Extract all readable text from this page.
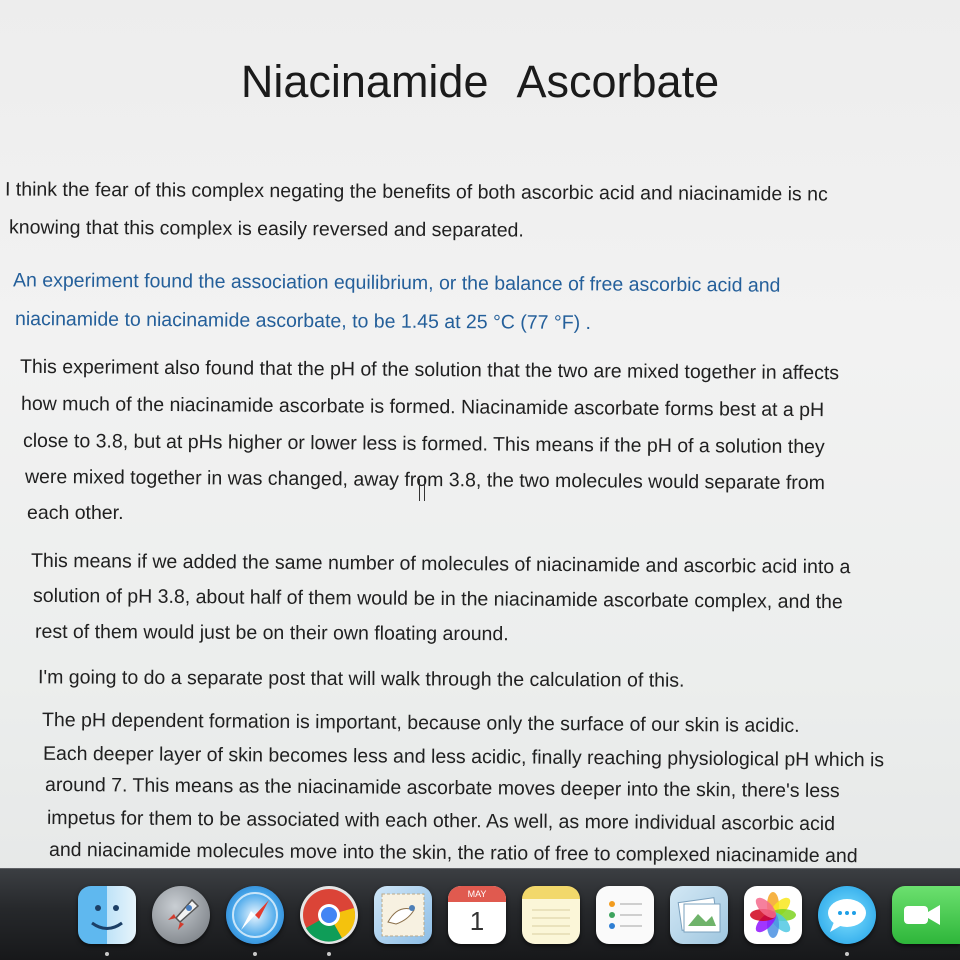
Niacinamide Ascorbate
I think the fear of this complex negating the benefits of both ascorbic acid and niacinamide is nc
knowing that this complex is easily reversed and separated.
An experiment found the association equilibrium, or the balance of free ascorbic acid and
niacinamide to niacinamide ascorbate, to be 1.45 at 25 °C (77 °F) .
This experiment also found that the pH of the solution that the two are mixed together in affects
how much of the niacinamide ascorbate is formed. Niacinamide ascorbate forms best at a pH
close to 3.8, but at pHs higher or lower less is formed. This means if the pH of a solution they
were mixed together in was changed, away from 3.8, the two molecules would separate from
each other.
This means if we added the same number of molecules of niacinamide and ascorbic acid into a
solution of pH 3.8, about half of them would be in the niacinamide ascorbate complex, and the
rest of them would just be on their own floating around.
I'm going to do a separate post that will walk through the calculation of this.
The pH dependent formation is important, because only the surface of our skin is acidic.
Each deeper layer of skin becomes less and less acidic, finally reaching physiological pH which is
around 7. This means as the niacinamide ascorbate moves deeper into the skin, there's less
impetus for them to be associated with each other. As well, as more individual ascorbic acid
and niacinamide molecules move into the skin, the ratio of free to complexed niacinamide and
MAY
1
